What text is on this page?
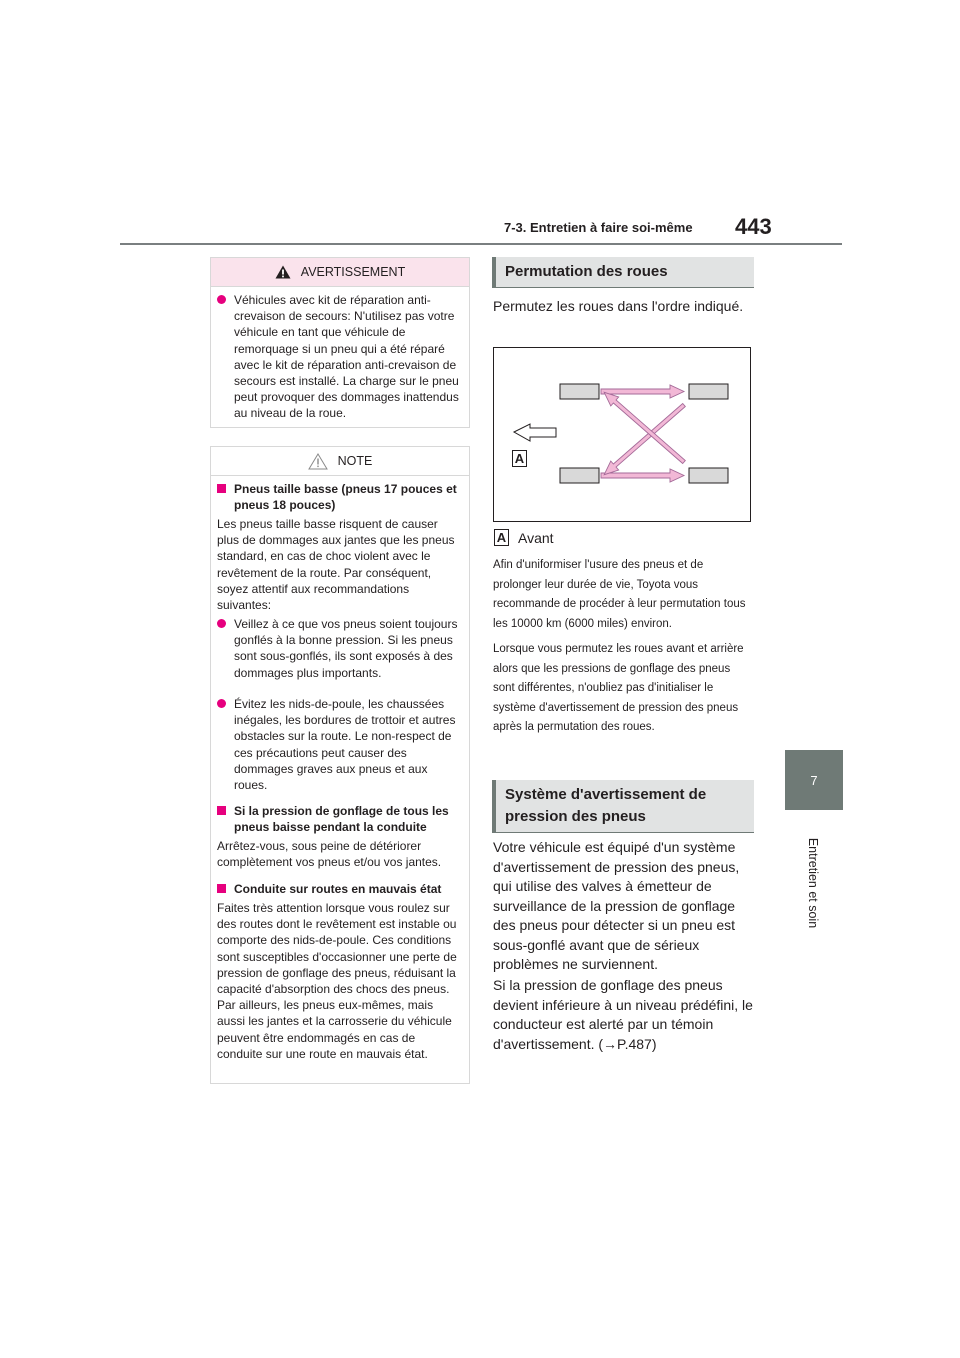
7-3. Entretien à faire soi-même 443
7
Entretien et soin
AVERTISSEMENT
Véhicules avec kit de réparation anti-crevaison de secours: N'utilisez pas votre véhicule en tant que véhicule de remorquage si un pneu qui a été réparé avec le kit de réparation anti-crevaison de secours est installé. La charge sur le pneu peut provoquer des dommages inattendus au niveau de la roue.
NOTE
Pneus taille basse (pneus 17 pouces et pneus 18 pouces)
Les pneus taille basse risquent de causer plus de dommages aux jantes que les pneus standard, en cas de choc violent avec le revêtement de la route. Par conséquent, soyez attentif aux recommandations suivantes:
Veillez à ce que vos pneus soient toujours gonflés à la bonne pression. Si les pneus sont sous-gonflés, ils sont exposés à des dommages plus importants.
Évitez les nids-de-poule, les chaussées inégales, les bordures de trottoir et autres obstacles sur la route. Le non-respect de ces précautions peut causer des dommages graves aux pneus et aux roues.
Si la pression de gonflage de tous les pneus baisse pendant la conduite
Arrêtez-vous, sous peine de détériorer complètement vos pneus et/ou vos jantes.
Conduite sur routes en mauvais état
Faites très attention lorsque vous roulez sur des routes dont le revêtement est instable ou comporte des nids-de-poule. Ces conditions sont susceptibles d'occasionner une perte de pression de gonflage des pneus, réduisant la capacité d'absorption des chocs des pneus. Par ailleurs, les pneus eux-mêmes, mais aussi les jantes et la carrosserie du véhicule peuvent être endommagés en cas de conduite sur une route en mauvais état.
Permutation des roues
Permutez les roues dans l'ordre indiqué.
A
A Avant
Afin d'uniformiser l'usure des pneus et de prolonger leur durée de vie, Toyota vous recommande de procéder à leur permutation tous les 10000 km (6000 miles) environ.
Lorsque vous permutez les roues avant et arrière alors que les pressions de gonflage des pneus sont différentes, n'oubliez pas d'initialiser le système d'avertissement de pression des pneus après la permutation des roues.
Système d'avertissement de pression des pneus
Votre véhicule est équipé d'un système d'avertissement de pression des pneus, qui utilise des valves à émetteur de surveillance de la pression de gonflage des pneus pour détecter si un pneu est sous-gonflé avant que de sérieux problèmes ne surviennent.
Si la pression de gonflage des pneus devient inférieure à un niveau prédéfini, le conducteur est alerté par un témoin d'avertissement. (→P.487)
